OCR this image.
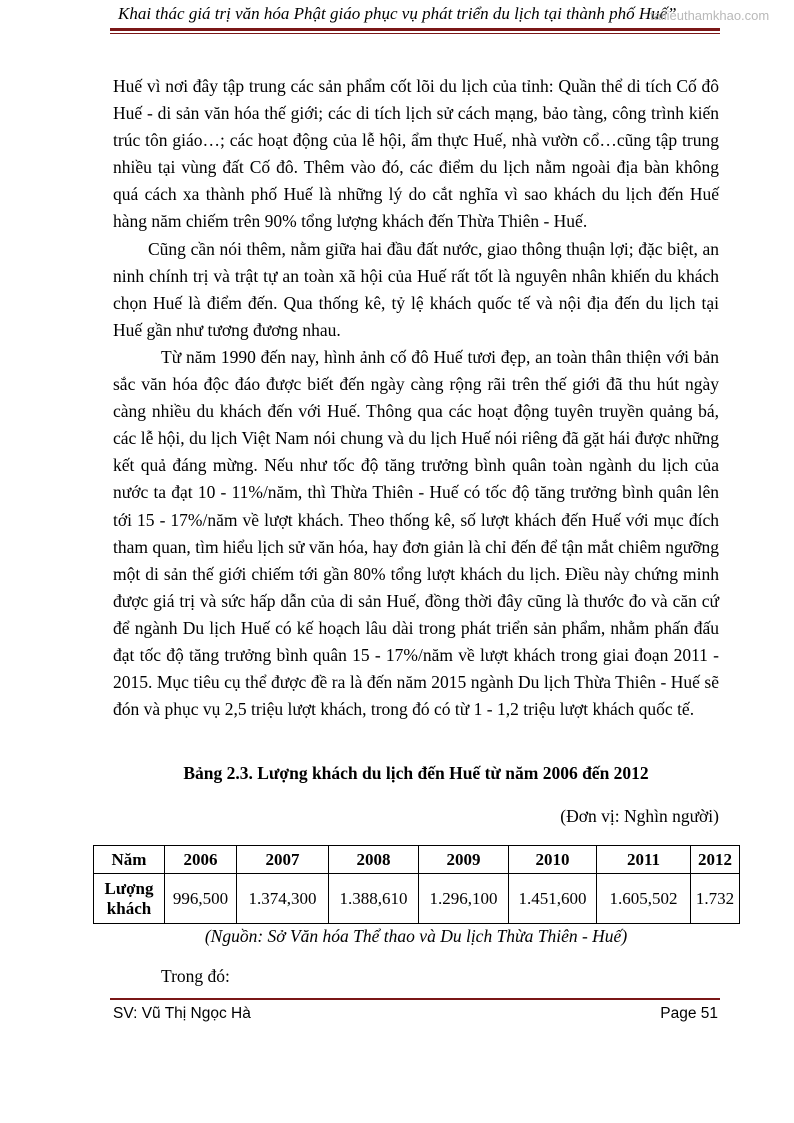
Khai thác giá trị văn hóa Phật giáo phục vụ phát triển du lịch tại thành phố Huế”
tailieuthamkhao.com

Huế vì nơi đây tập trung các sản phẩm cốt lõi du lịch của tỉnh: Quần thể di tích Cố đô Huế - di sản văn hóa thế giới; các di tích lịch sử cách mạng, bảo tàng, công trình kiến trúc tôn giáo…; các hoạt động của lễ hội, ẩm thực Huế, nhà vườn cổ…cũng tập trung nhiều tại vùng đất Cố đô. Thêm vào đó, các điểm du lịch nằm ngoài địa bàn không quá cách xa thành phố Huế là những lý do cắt nghĩa vì sao khách du lịch đến Huế hàng năm chiếm trên 90% tổng lượng khách đến Thừa Thiên - Huế.

Cũng cần nói thêm, nằm giữa hai đầu đất nước, giao thông thuận lợi; đặc biệt, an ninh chính trị và trật tự an toàn xã hội của Huế rất tốt là nguyên nhân khiến du khách chọn Huế là điểm đến. Qua thống kê, tỷ lệ khách quốc tế và nội địa đến du lịch tại Huế gần như tương đương nhau.

Từ năm 1990 đến nay, hình ảnh cố đô Huế tươi đẹp, an toàn thân thiện với bản sắc văn hóa độc đáo được biết đến ngày càng rộng rãi trên thế giới đã thu hút ngày càng nhiều du khách đến với Huế. Thông qua các hoạt động tuyên truyền quảng bá, các lễ hội, du lịch Việt Nam nói chung và du lịch Huế nói riêng đã gặt hái được những kết quả đáng mừng. Nếu như tốc độ tăng trưởng bình quân toàn ngành du lịch của nước ta đạt 10 - 11%/năm, thì Thừa Thiên - Huế có tốc độ tăng trưởng bình quân lên tới 15 - 17%/năm về lượt khách. Theo thống kê, số lượt khách đến Huế với mục đích tham quan, tìm hiểu lịch sử văn hóa, hay đơn giản là chỉ đến để tận mắt chiêm ngưỡng một di sản thế giới chiếm tới gần 80% tổng lượt khách du lịch. Điều này chứng minh được giá trị và sức hấp dẫn của di sản Huế, đồng thời đây cũng là thước đo và căn cứ để ngành Du lịch Huế có kế hoạch lâu dài trong phát triển sản phẩm, nhằm phấn đấu đạt tốc độ tăng trưởng bình quân 15 - 17%/năm về lượt khách trong giai đoạn 2011 - 2015. Mục tiêu cụ thể được đề ra là đến năm 2015 ngành Du lịch Thừa Thiên - Huế sẽ đón và phục vụ 2,5 triệu lượt khách, trong đó có từ 1 - 1,2 triệu lượt khách quốc tế.

Bảng 2.3. Lượng khách du lịch đến Huế từ năm 2006 đến 2012
(Đơn vị: Nghìn người)
Năm	2006	2007	2008	2009	2010	2011	2012
Lượng
khách	996,500	1.374,300	1.388,610	1.296,100	1.451,600	1.605,502	1.732
(Nguồn: Sở Văn hóa Thể thao và Du lịch Thừa Thiên - Huế)
Trong đó:
SV: Vũ Thị Ngọc Hà	Page 51
